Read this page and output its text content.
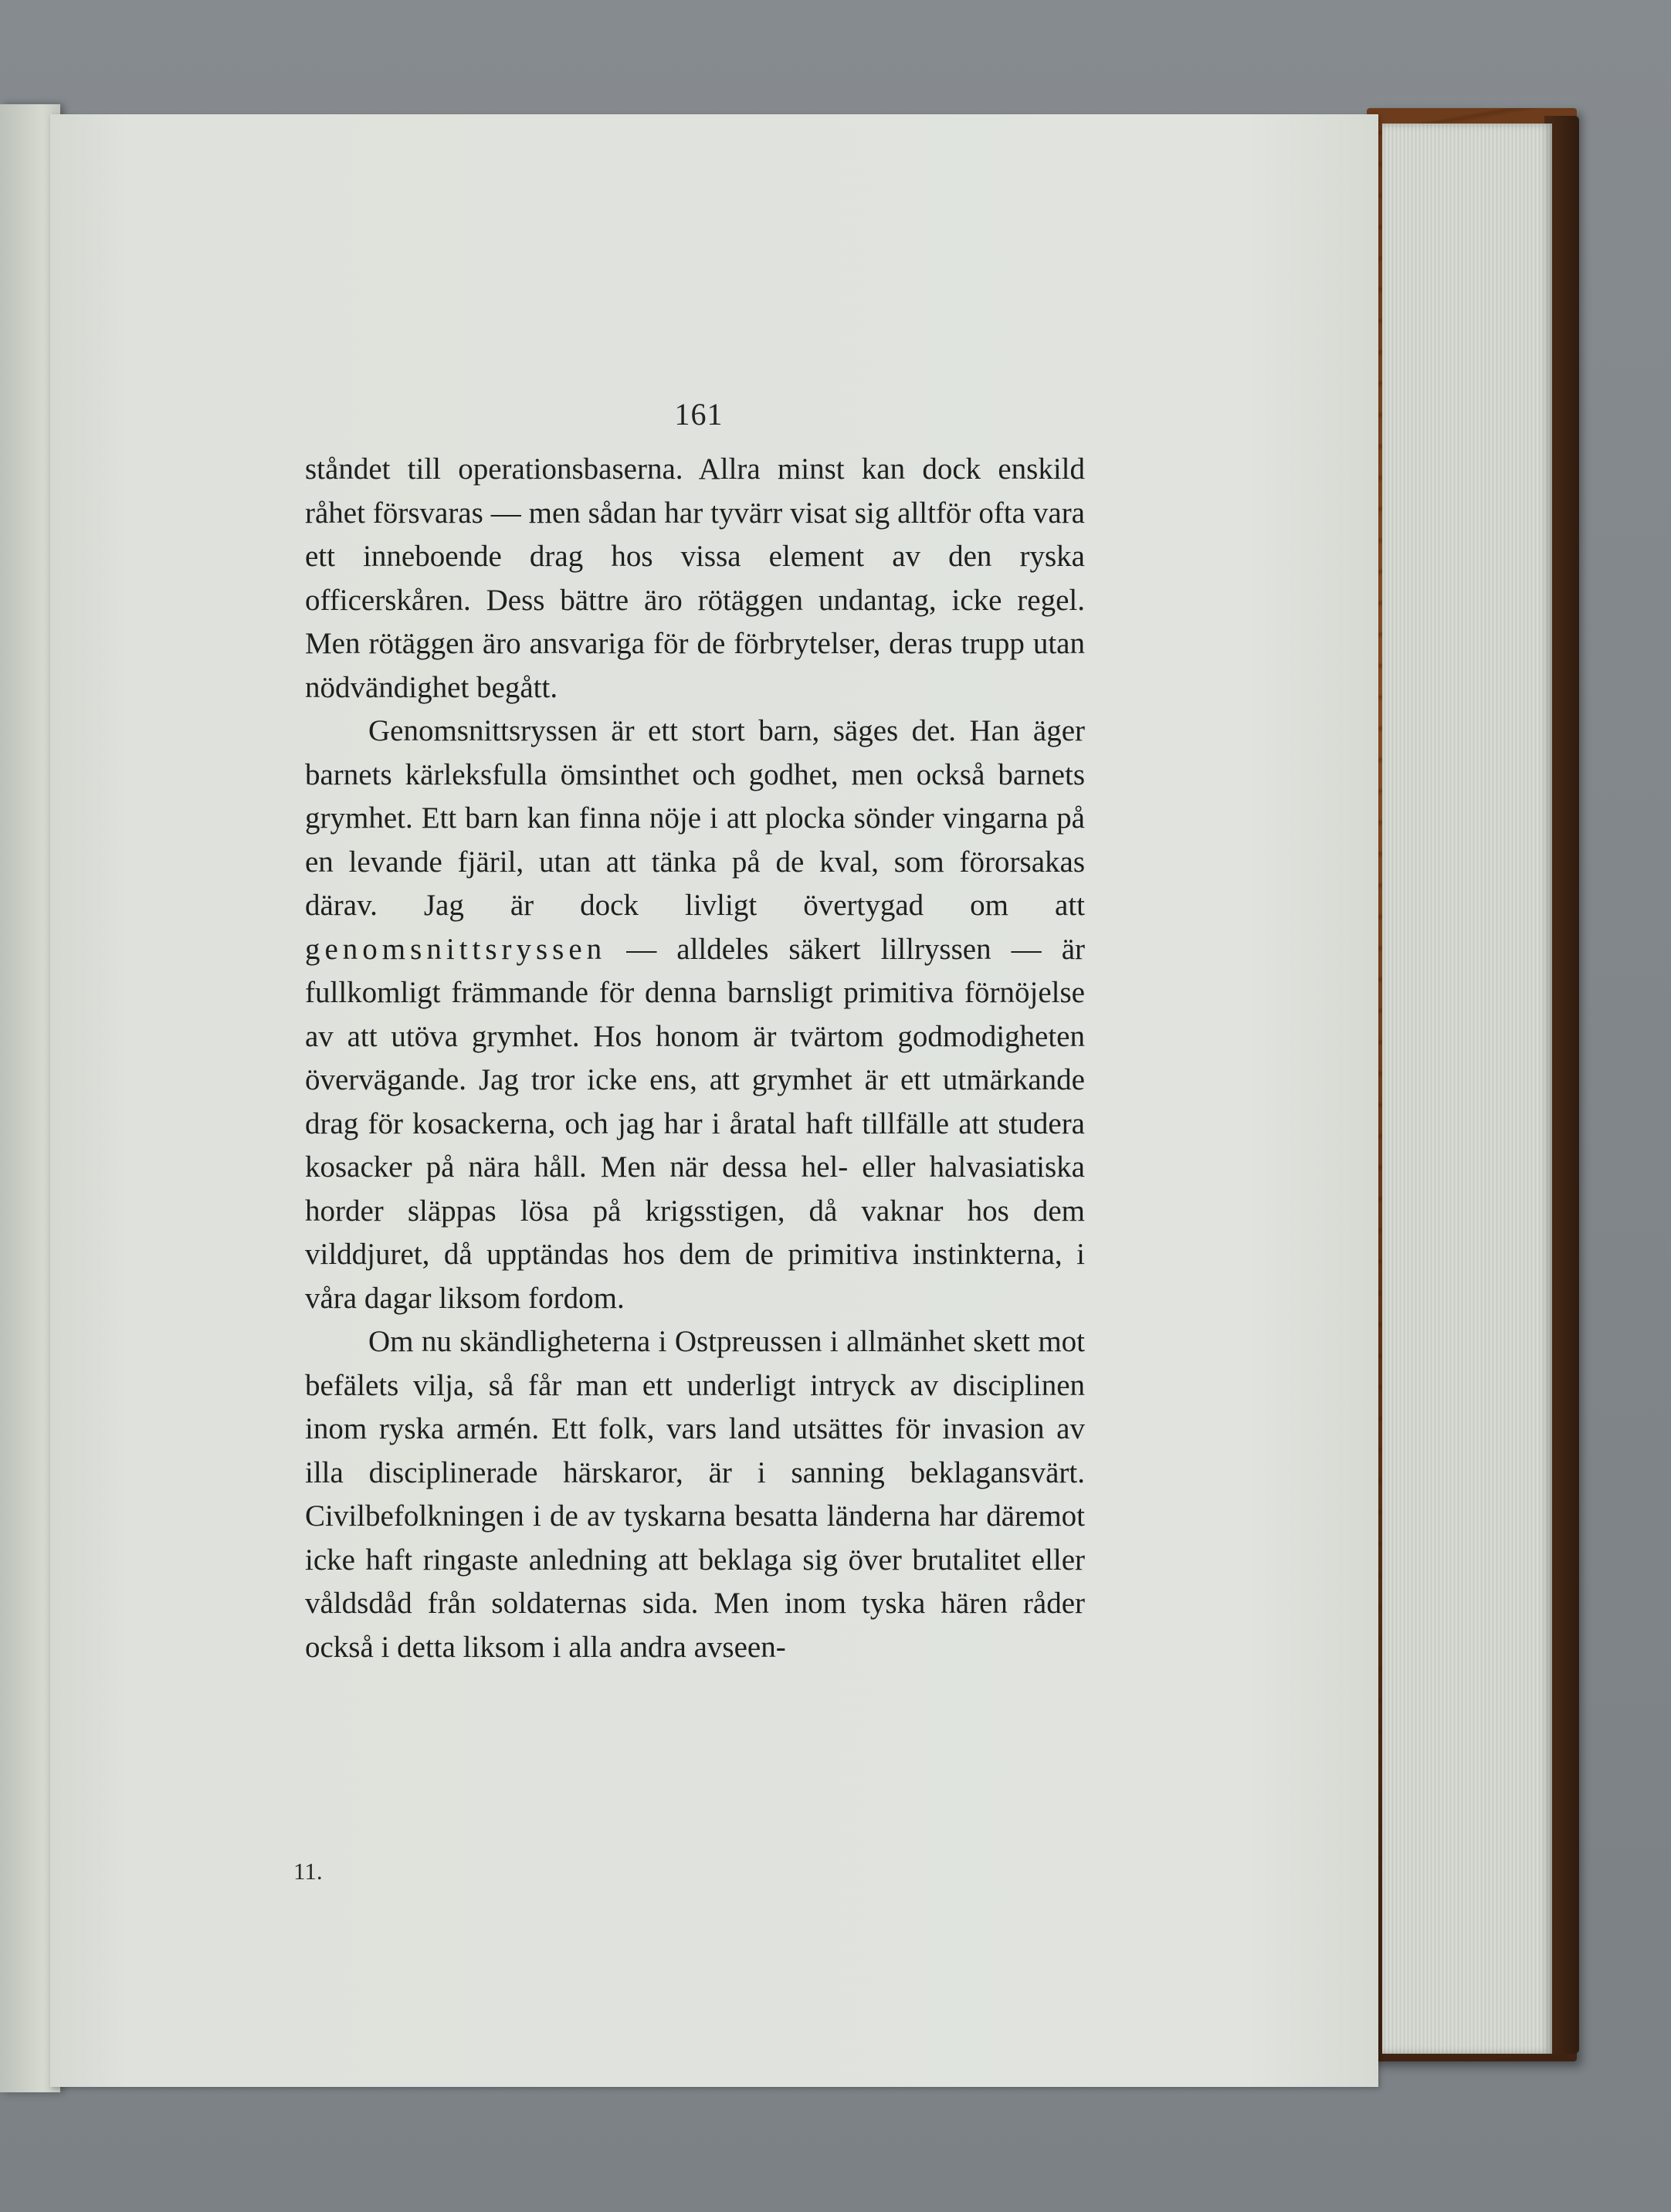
161

ståndet till operationsbaserna. Allra minst kan dock enskild råhet försvaras — men sådan har tyvärr visat sig alltför ofta vara ett inneboende drag hos vissa element av den ryska officerskåren. Dess bättre äro rötäggen undantag, icke regel. Men rötäggen äro ansvariga för de förbrytelser, deras trupp utan nödvändighet begått.

Genomsnittsryssen är ett stort barn, säges det. Han äger barnets kärleksfulla ömsinthet och godhet, men också barnets grymhet. Ett barn kan finna nöje i att plocka sönder vingarna på en levande fjäril, utan att tänka på de kval, som förorsakas därav. Jag är dock livligt övertygad om att genomsnittsryssen — alldeles säkert lillryssen — är fullkomligt främmande för denna barnsligt primitiva förnöjelse av att utöva grymhet. Hos honom är tvärtom godmodigheten övervägande. Jag tror icke ens, att grymhet är ett utmärkande drag för kosackerna, och jag har i åratal haft tillfälle att studera kosacker på nära håll. Men när dessa hel- eller halvasiatiska horder släppas lösa på krigsstigen, då vaknar hos dem vilddjuret, då upptändas hos dem de primitiva instinkterna, i våra dagar liksom fordom.

Om nu skändligheterna i Ostpreussen i allmänhet skett mot befälets vilja, så får man ett underligt intryck av disciplinen inom ryska armén. Ett folk, vars land utsättes för invasion av illa disciplinerade härskaror, är i sanning beklagansvärt. Civilbefolkningen i de av tyskarna besatta länderna har däremot icke haft ringaste anledning att beklaga sig över brutalitet eller våldsdåd från soldaternas sida. Men inom tyska hären råder också i detta liksom i alla andra avseen-

11.
